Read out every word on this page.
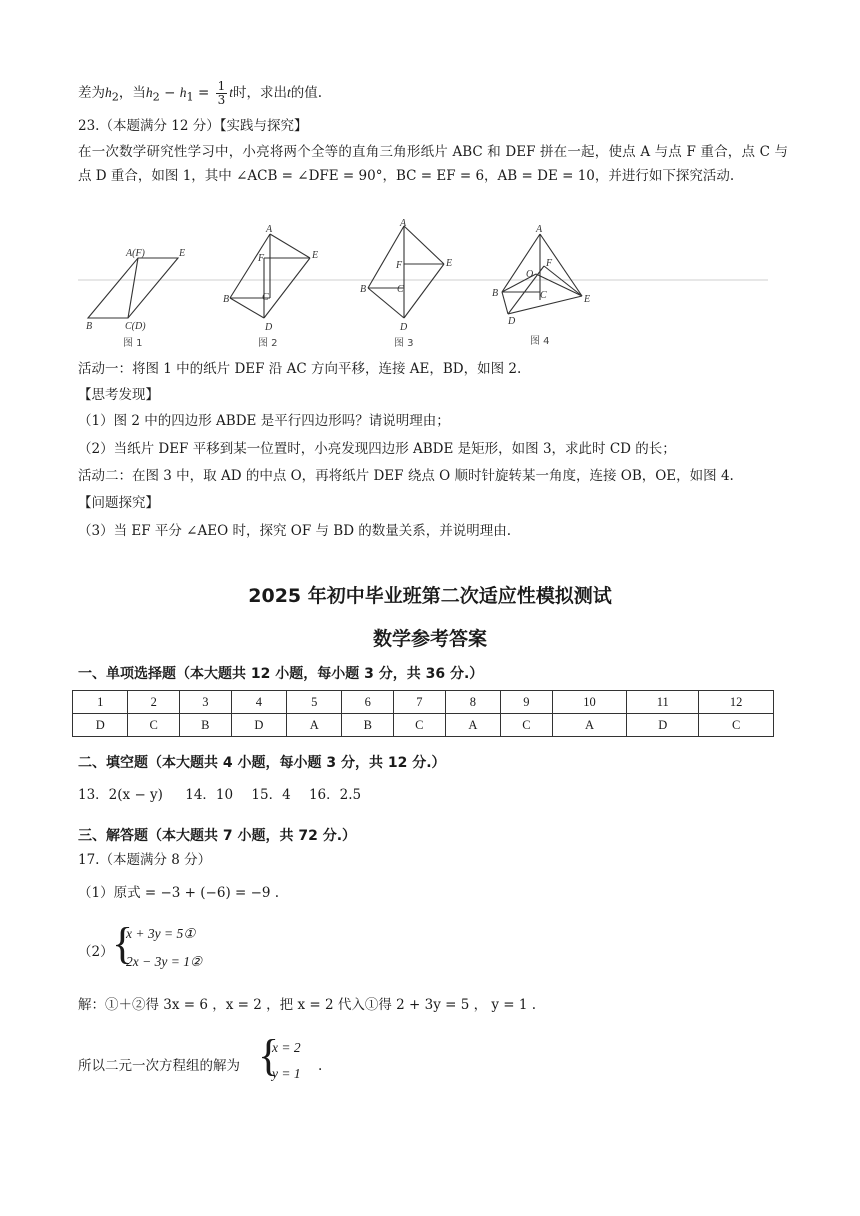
差为$h_2$，当$h_2 - h_1 = \frac{1}{3}$ t时，求出t的值.
23.（本题满分 12 分）【实践与探究】
在一次数学研究性学习中，小亮将两个全等的直角三角形纸片 ABC 和 DEF 拼在一起，使点 A 与点 F 重合，点 C 与点 D 重合，如图 1，其中 ∠ACB = ∠DFE = 90°，BC = EF = 6，AB = DE = 10，并进行如下探究活动.
A(F)	E
B	C(D)
图 1
A
F	E
B	C
D
图 2
A
F	E
B	C
D
图 3
A
F
O
B	C	E
D
图 4
活动一：将图 1 中的纸片 DEF 沿 AC 方向平移，连接 AE，BD，如图 2.
【思考发现】
（1）图 2 中的四边形 ABDE 是平行四边形吗？请说明理由；
（2）当纸片 DEF 平移到某一位置时，小亮发现四边形 ABDE 是矩形，如图 3，求此时 CD 的长；
活动二：在图 3 中，取 AD 的中点 O，再将纸片 DEF 绕点 O 顺时针旋转某一角度，连接 OB，OE，如图 4.
【问题探究】
（3）当 EF 平分 ∠AEO 时，探究 OF 与 BD 的数量关系，并说明理由.
2025 年初中毕业班第二次适应性模拟测试
数学参考答案
一、单项选择题（本大题共 12 小题，每小题 3 分，共 36 分.）
1	2	3	4	5	6	7	8	9	10	11	12
D	C	B	D	A	B	C	A	C	A	D	C
二、填空题（本大题共 4 小题，每小题 3 分，共 12 分.）
13．2(x − y) 14．10 15．4 16．2.5
三、解答题（本大题共 7 小题，共 72 分.）
17.（本题满分 8 分）
（1）原式 = −3 + (−6) = −9 .
（2）
{
x + 3y = 5①
2x − 3y = 1②
解：①＋②得 3x = 6 ，x = 2 ，把 x = 2 代入①得 2 + 3y = 5 ， y = 1 .
所以二元一次方程组的解为 {
x = 2
y = 1 .
